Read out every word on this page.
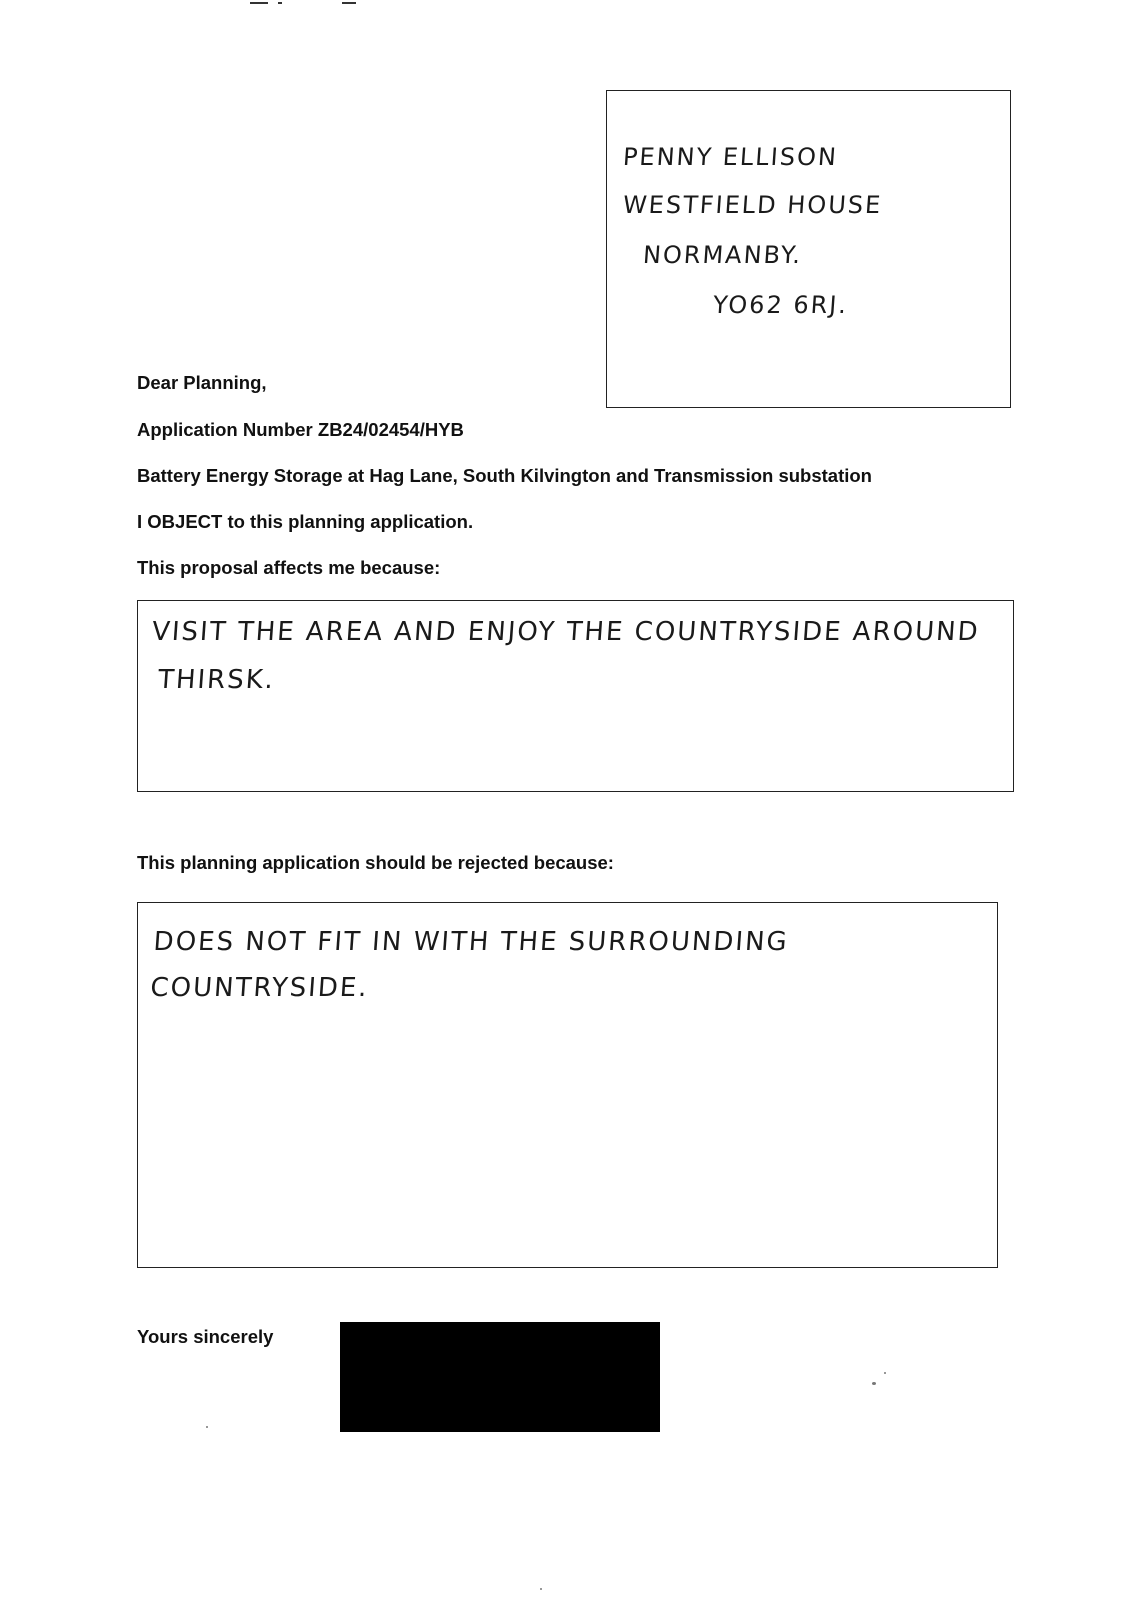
PENNY ELLISON
WESTFIELD HOUSE
NORMANBY.
YO62 6RJ.
Dear Planning,
Application Number ZB24/02454/HYB
Battery Energy Storage at Hag Lane, South Kilvington and Transmission substation
I OBJECT to this planning application.
This proposal affects me because:
VISIT THE AREA AND ENJOY THE COUNTRYSIDE AROUND
THIRSK.
This planning application should be rejected because:
DOES NOT FIT IN WITH THE SURROUNDING COUNTRYSIDE.
Yours sincerely
